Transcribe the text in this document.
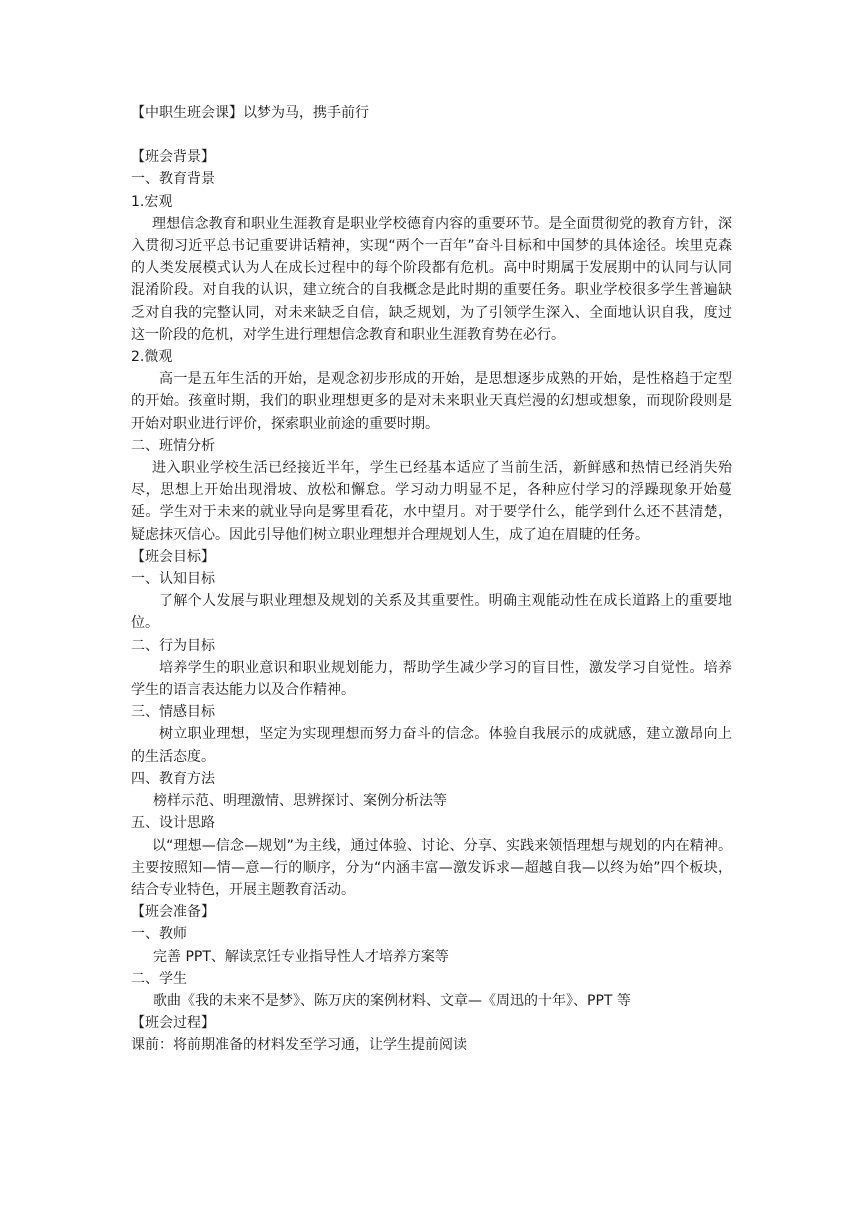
【中职生班会课】以梦为马，携手前行

【班会背景】

一、教育背景

1.宏观

理想信念教育和职业生涯教育是职业学校德育内容的重要环节。是全面贯彻党的教育方针，深入贯彻习近平总书记重要讲话精神，实现“两个一百年”奋斗目标和中国梦的具体途径。埃里克森的人类发展模式认为人在成长过程中的每个阶段都有危机。高中时期属于发展期中的认同与认同混淆阶段。对自我的认识，建立统合的自我概念是此时期的重要任务。职业学校很多学生普遍缺乏对自我的完整认同，对未来缺乏自信，缺乏规划，为了引领学生深入、全面地认识自我，度过这一阶段的危机，对学生进行理想信念教育和职业生涯教育势在必行。

2.微观

高一是五年生活的开始，是观念初步形成的开始，是思想逐步成熟的开始，是性格趋于定型的开始。孩童时期，我们的职业理想更多的是对未来职业天真烂漫的幻想或想象，而现阶段则是开始对职业进行评价，探索职业前途的重要时期。

二、班情分析

进入职业学校生活已经接近半年，学生已经基本适应了当前生活，新鲜感和热情已经消失殆尽，思想上开始出现滑坡、放松和懈怠。学习动力明显不足，各种应付学习的浮躁现象开始蔓延。学生对于未来的就业导向是雾里看花，水中望月。对于要学什么，能学到什么还不甚清楚，疑虑抹灭信心。因此引导他们树立职业理想并合理规划人生，成了迫在眉睫的任务。

【班会目标】

一、认知目标

了解个人发展与职业理想及规划的关系及其重要性。明确主观能动性在成长道路上的重要地位。

二、行为目标

培养学生的职业意识和职业规划能力，帮助学生减少学习的盲目性，激发学习自觉性。培养学生的语言表达能力以及合作精神。

三、情感目标

树立职业理想，坚定为实现理想而努力奋斗的信念。体验自我展示的成就感，建立激昂向上的生活态度。

四、教育方法

榜样示范、明理激情、思辨探讨、案例分析法等

五、设计思路

以“理想—信念—规划”为主线，通过体验、讨论、分享、实践来领悟理想与规划的内在精神。主要按照知—情—意—行的顺序，分为“内涵丰富—激发诉求—超越自我—以终为始”四个板块，结合专业特色，开展主题教育活动。

【班会准备】

一、教师

完善 PPT、解读烹饪专业指导性人才培养方案等

二、学生

歌曲《我的未来不是梦》、陈万庆的案例材料、文章—《周迅的十年》、PPT 等

【班会过程】

课前：将前期准备的材料发至学习通，让学生提前阅读
